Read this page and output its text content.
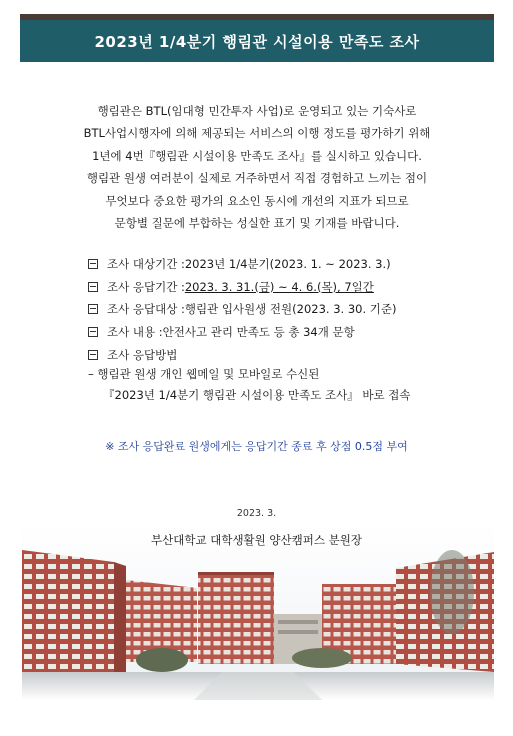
2023년 1/4분기 행림관 시설이용 만족도 조사

행림관은 BTL(임대형 민간투자 사업)로 운영되고 있는 기숙사로

BTL사업시행자에 의해 제공되는 서비스의 이행 정도를 평가하기 위해

1년에 4번『행림관 시설이용 만족도 조사』를 실시하고 있습니다.

행림관 원생 여러분이 실제로 거주하면서 직접 경험하고 느끼는 점이

무엇보다 중요한 평가의 요소인 동시에 개선의 지표가 되므로

문항별 질문에 부합하는 성실한 표기 및 기재를 바랍니다.

조사 대상기간 : 2023년 1/4분기(2023. 1. ~ 2023. 3.)
조사 응답기간 : 2023. 3. 31.(금) ~ 4. 6.(목), 7일간
조사 응답대상 : 행림관 입사원생 전원(2023. 3. 30. 기준)
조사 내용 : 안전사고 관리 만족도 등 총 34개 문항
조사 응답방법
– 행림관 원생 개인 웹메일 및 모바일로 수신된
『2023년 1/4분기 행림관 시설이용 만족도 조사』 바로 접속
※ 조사 응답완료 원생에게는 응답기간 종료 후 상점 0.5점 부여
2023. 3.
부산대학교 대학생활원 양산캠퍼스 분원장
